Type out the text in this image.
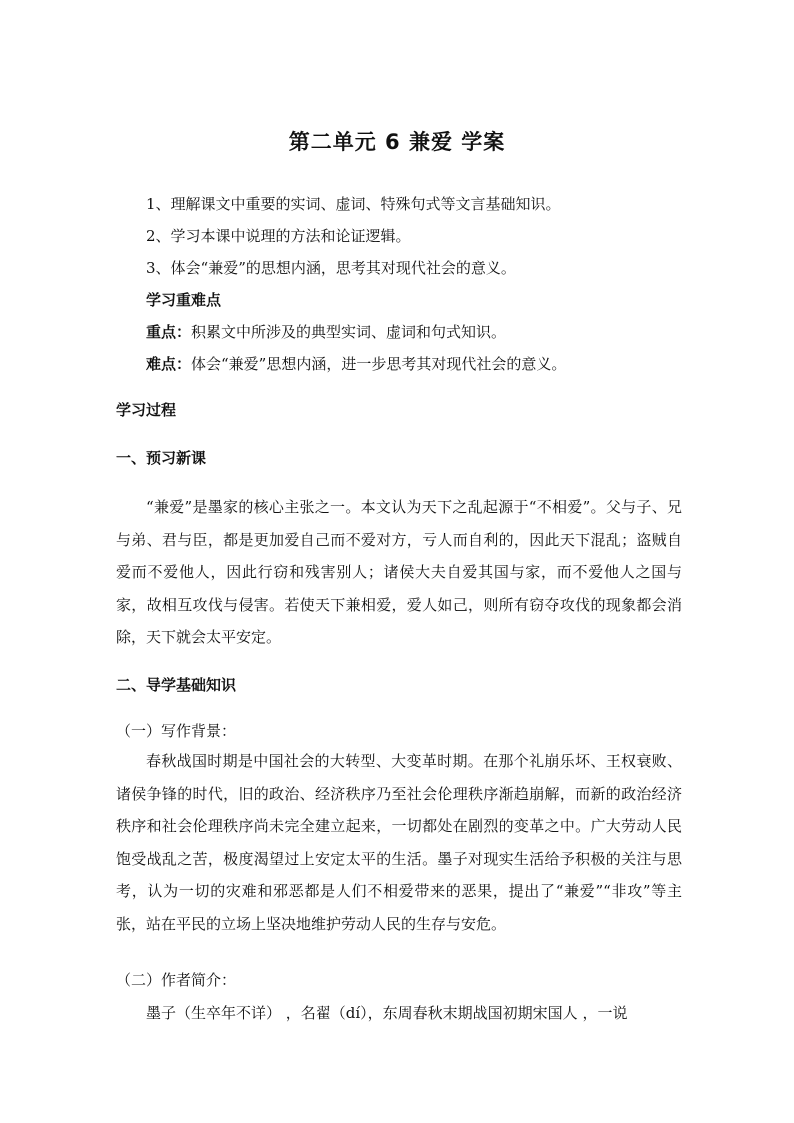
第二单元 6 兼爱 学案
1、理解课文中重要的实词、虚词、特殊句式等文言基础知识。
2、学习本课中说理的方法和论证逻辑。
3、体会“兼爱”的思想内涵，思考其对现代社会的意义。
学习重难点
重点：积累文中所涉及的典型实词、虚词和句式知识。
难点：体会“兼爱”思想内涵，进一步思考其对现代社会的意义。
学习过程
一、预习新课
“兼爱”是墨家的核心主张之一。本文认为天下之乱起源于“不相爱”。父与子、兄与弟、君与臣，都是更加爱自己而不爱对方，亏人而自利的，因此天下混乱；盗贼自爱而不爱他人，因此行窃和残害别人；诸侯大夫自爱其国与家，而不爱他人之国与家，故相互攻伐与侵害。若使天下兼相爱，爱人如己，则所有窃夺攻伐的现象都会消除，天下就会太平安定。
二、导学基础知识
（一）写作背景：
春秋战国时期是中国社会的大转型、大变革时期。在那个礼崩乐坏、王权衰败、诸侯争锋的时代，旧的政治、经济秩序乃至社会伦理秩序渐趋崩解，而新的政治经济秩序和社会伦理秩序尚未完全建立起来，一切都处在剧烈的变革之中。广大劳动人民饱受战乱之苦，极度渴望过上安定太平的生活。墨子对现实生活给予积极的关注与思考，认为一切的灾难和邪恶都是人们不相爱带来的恶果，提出了“兼爱”“非攻”等主张，站在平民的立场上坚决地维护劳动人民的生存与安危。
（二）作者简介：
墨子（生卒年不详） ，名翟（dí），东周春秋末期战国初期宋国人 ，一说
